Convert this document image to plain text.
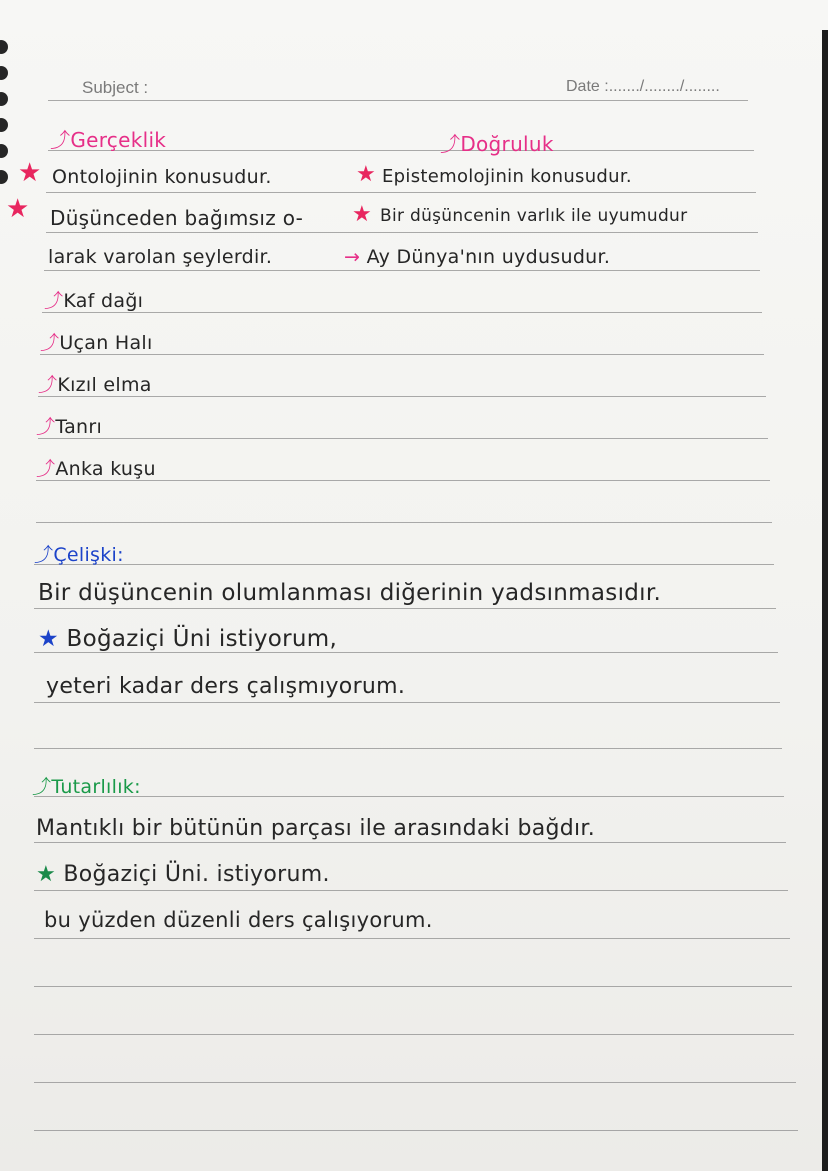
Subject :	Date :......./......../........
⤴Gerçeklik
★ Ontolojinin konusudur.
★ Düşünceden bağımsız o-
larak varolan şeylerdir.
⤴Kaf dağı
⤴Uçan Halı
⤴Kızıl elma
⤴Tanrı
⤴Anka kuşu
⤴Doğruluk
★ Epistemolojinin konusudur.
★ Bir düşüncenin varlık ile uyumudur
→ Ay Dünya'nın uydusudur.
⤴Çelişki:
Bir düşüncenin olumlanması diğerinin yadsınmasıdır.
★ Boğaziçi Üni istiyorum,
yeteri kadar ders çalışmıyorum.
⤴Tutarlılık:
Mantıklı bir bütünün parçası ile arasındaki bağdır.
★ Boğaziçi Üni. istiyorum.
bu yüzden düzenli ders çalışıyorum.
